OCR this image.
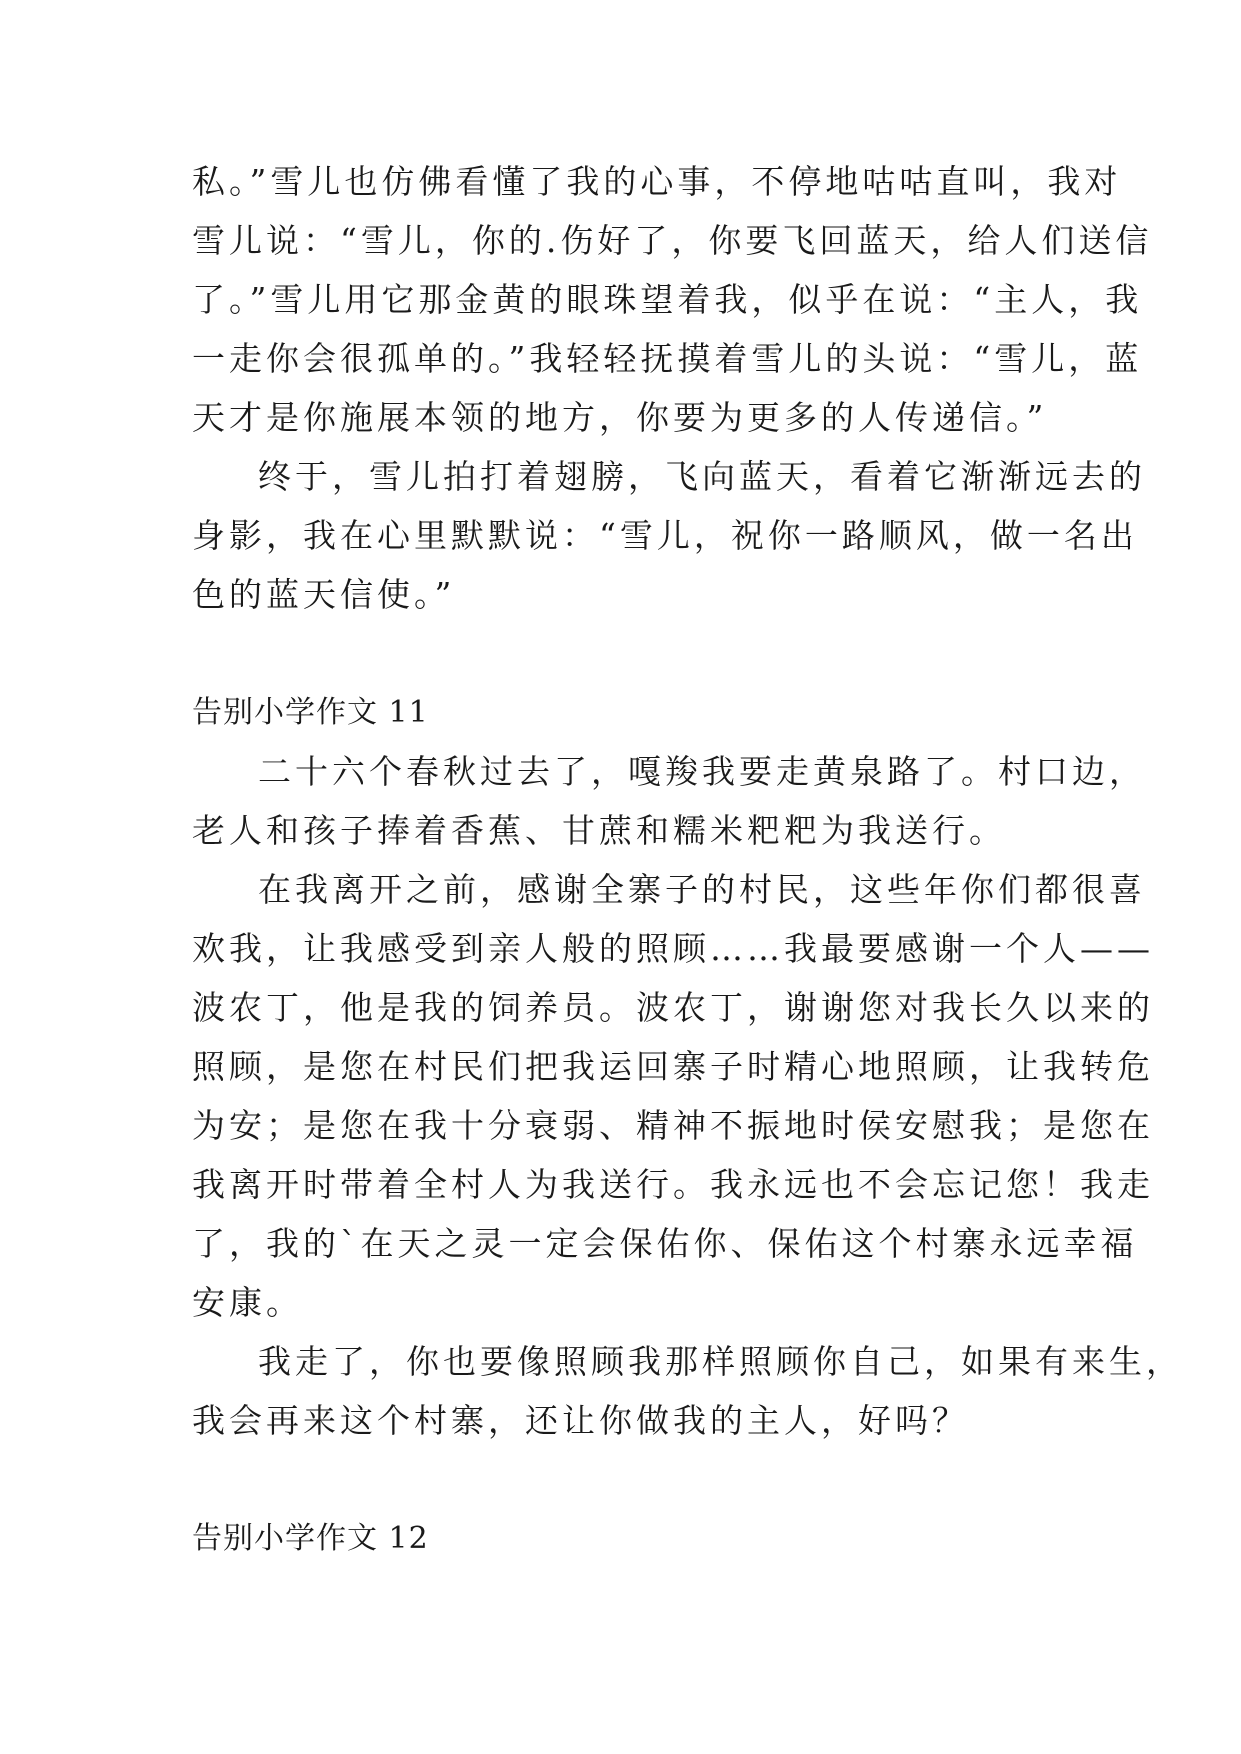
私。”雪儿也仿佛看懂了我的心事，不停地咕咕直叫，我对
雪儿说：“雪儿，你的.伤好了，你要飞回蓝天，给人们送信
了。”雪儿用它那金黄的眼珠望着我，似乎在说：“主人，我
一走你会很孤单的。”我轻轻抚摸着雪儿的头说：“雪儿，蓝
天才是你施展本领的地方，你要为更多的人传递信。”

终于，雪儿拍打着翅膀，飞向蓝天，看着它渐渐远去的
身影，我在心里默默说：“雪儿，祝你一路顺风，做一名出
色的蓝天信使。”

告别小学作文 11

二十六个春秋过去了，嘎羧我要走黄泉路了。村口边，
老人和孩子捧着香蕉、甘蔗和糯米粑粑为我送行。

在我离开之前，感谢全寨子的村民，这些年你们都很喜
欢我，让我感受到亲人般的照顾……我最要感谢一个人——
波农丁，他是我的饲养员。波农丁，谢谢您对我长久以来的
照顾，是您在村民们把我运回寨子时精心地照顾，让我转危
为安；是您在我十分衰弱、精神不振地时侯安慰我；是您在
我离开时带着全村人为我送行。我永远也不会忘记您！我走
了，我的`在天之灵一定会保佑你、保佑这个村寨永远幸福
安康。

我走了，你也要像照顾我那样照顾你自己，如果有来生，
我会再来这个村寨，还让你做我的主人，好吗？

告别小学作文 12
